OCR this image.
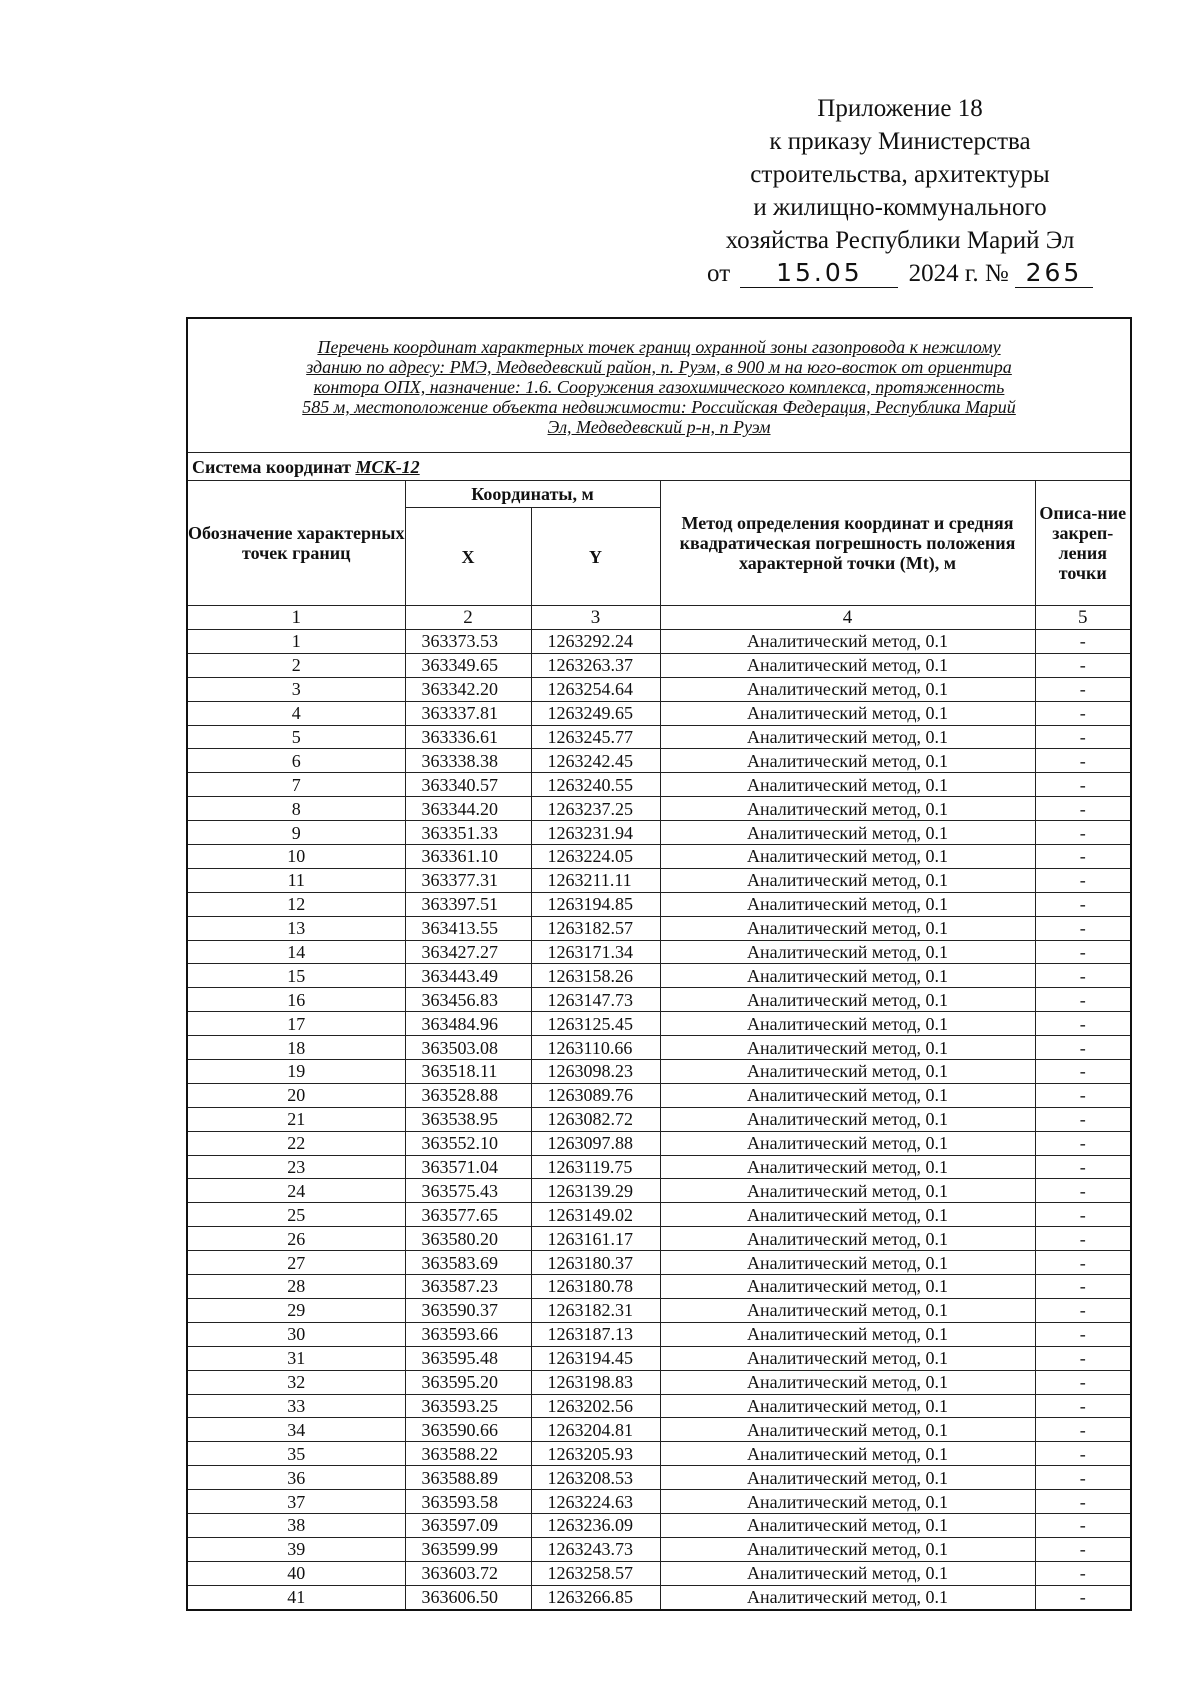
Приложение 18
к приказу Министерства
строительства, архитектуры
и жилищно-коммунального
хозяйства Республики Марий Эл
от 15.05 2024 г. № 265
Перечень координат характерных точек границ охранной зоны газопровода к нежилому
зданию по адресу: РМЭ, Медведевский район, п. Руэм, в 900 м на юго-восток от ориентира
контора ОПХ, назначение: 1.6. Сооружения газохимического комплекса, протяженность
585 м, местоположение объекта недвижимости: Российская Федерация, Республика Марий
Эл, Медведевский р-н, п Руэм				

Система координат МСК-12				
Обозначение характерных точек границ	Координаты, м		Метод определения координат и средняя квадратическая погрешность положения характерной точки (Mt), м	Описа-ние закреп-ления точки
	X	Y		
1	2	3	4	5
1	363373.53	1263292.24	Аналитический метод, 0.1	-
2	363349.65	1263263.37	Аналитический метод, 0.1	-
3	363342.20	1263254.64	Аналитический метод, 0.1	-
4	363337.81	1263249.65	Аналитический метод, 0.1	-
5	363336.61	1263245.77	Аналитический метод, 0.1	-
6	363338.38	1263242.45	Аналитический метод, 0.1	-
7	363340.57	1263240.55	Аналитический метод, 0.1	-
8	363344.20	1263237.25	Аналитический метод, 0.1	-
9	363351.33	1263231.94	Аналитический метод, 0.1	-
10	363361.10	1263224.05	Аналитический метод, 0.1	-
11	363377.31	1263211.11	Аналитический метод, 0.1	-
12	363397.51	1263194.85	Аналитический метод, 0.1	-
13	363413.55	1263182.57	Аналитический метод, 0.1	-
14	363427.27	1263171.34	Аналитический метод, 0.1	-
15	363443.49	1263158.26	Аналитический метод, 0.1	-
16	363456.83	1263147.73	Аналитический метод, 0.1	-
17	363484.96	1263125.45	Аналитический метод, 0.1	-
18	363503.08	1263110.66	Аналитический метод, 0.1	-
19	363518.11	1263098.23	Аналитический метод, 0.1	-
20	363528.88	1263089.76	Аналитический метод, 0.1	-
21	363538.95	1263082.72	Аналитический метод, 0.1	-
22	363552.10	1263097.88	Аналитический метод, 0.1	-
23	363571.04	1263119.75	Аналитический метод, 0.1	-
24	363575.43	1263139.29	Аналитический метод, 0.1	-
25	363577.65	1263149.02	Аналитический метод, 0.1	-
26	363580.20	1263161.17	Аналитический метод, 0.1	-
27	363583.69	1263180.37	Аналитический метод, 0.1	-
28	363587.23	1263180.78	Аналитический метод, 0.1	-
29	363590.37	1263182.31	Аналитический метод, 0.1	-
30	363593.66	1263187.13	Аналитический метод, 0.1	-
31	363595.48	1263194.45	Аналитический метод, 0.1	-
32	363595.20	1263198.83	Аналитический метод, 0.1	-
33	363593.25	1263202.56	Аналитический метод, 0.1	-
34	363590.66	1263204.81	Аналитический метод, 0.1	-
35	363588.22	1263205.93	Аналитический метод, 0.1	-
36	363588.89	1263208.53	Аналитический метод, 0.1	-
37	363593.58	1263224.63	Аналитический метод, 0.1	-
38	363597.09	1263236.09	Аналитический метод, 0.1	-
39	363599.99	1263243.73	Аналитический метод, 0.1	-
40	363603.72	1263258.57	Аналитический метод, 0.1	-
41	363606.50	1263266.85	Аналитический метод, 0.1	-
